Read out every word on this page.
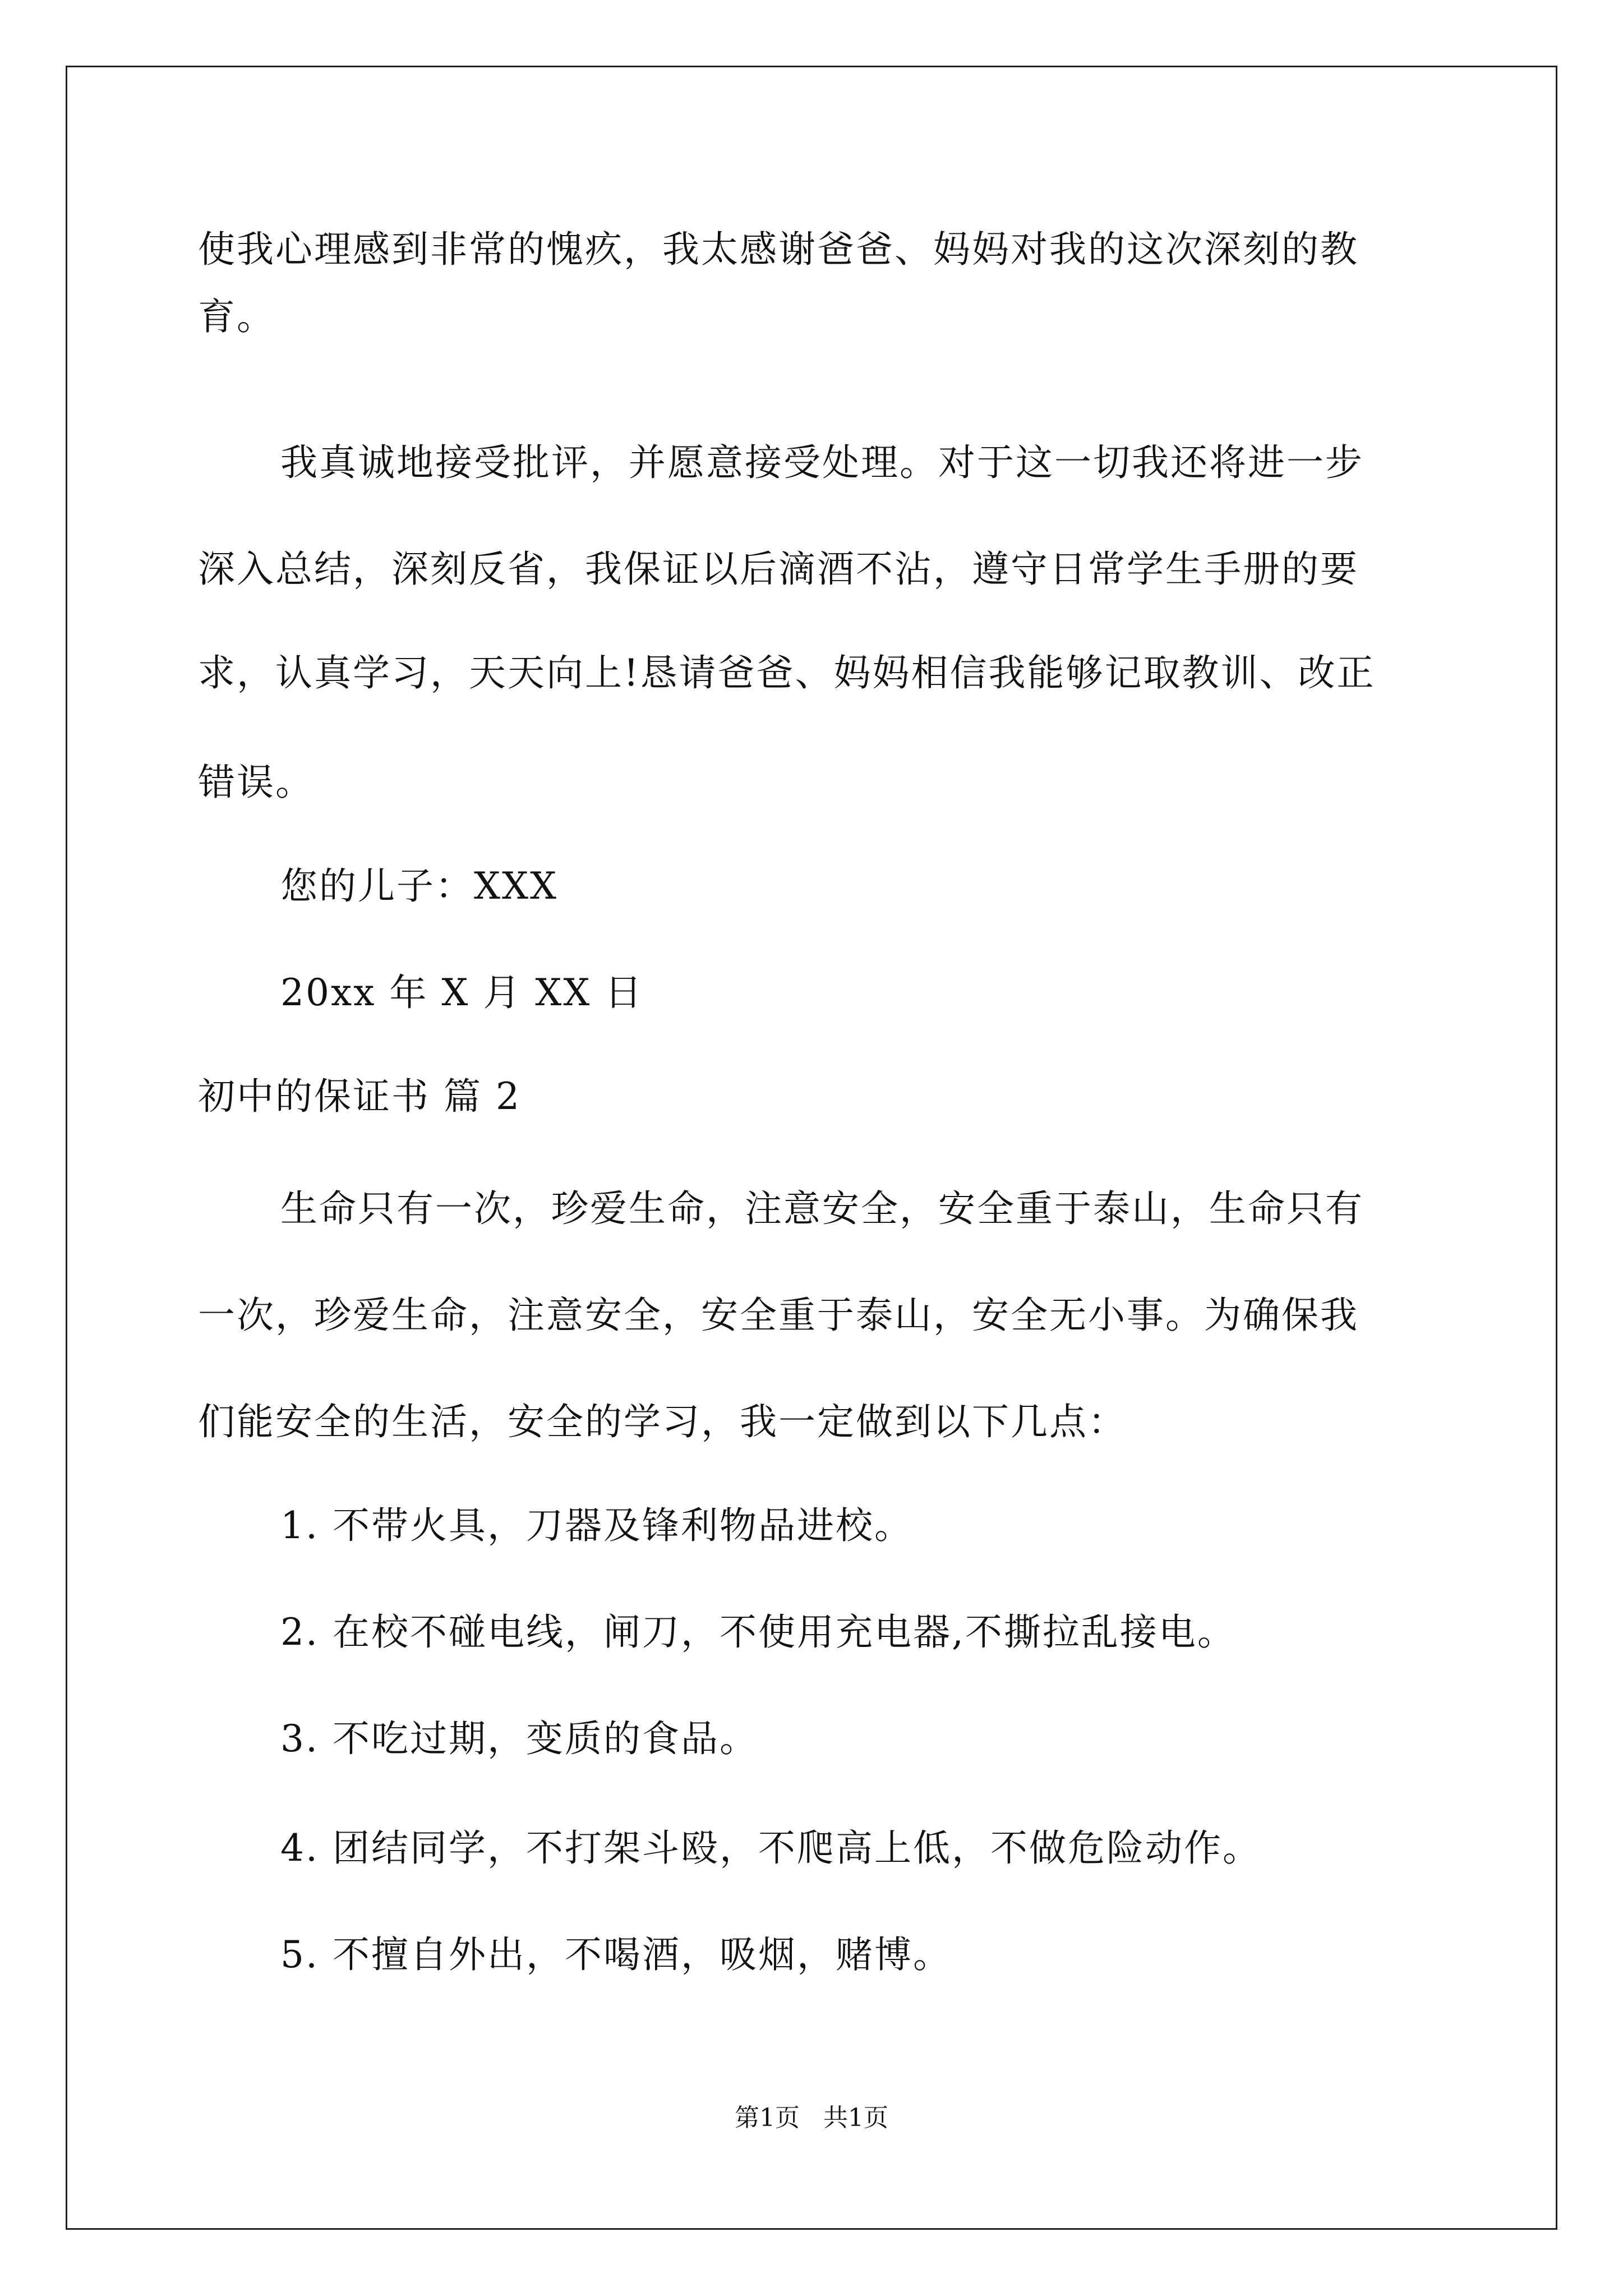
使我心理感到非常的愧疚，我太感谢爸爸、妈妈对我的这次深刻的教
育。
我真诚地接受批评，并愿意接受处理。对于这一切我还将进一步
深入总结，深刻反省，我保证以后滴酒不沾，遵守日常学生手册的要
求，认真学习，天天向上!恳请爸爸、妈妈相信我能够记取教训、改正
错误。
您的儿子：XXX
20xx 年 X 月 XX 日
初中的保证书 篇 2
生命只有一次，珍爱生命，注意安全，安全重于泰山，生命只有
一次，珍爱生命，注意安全，安全重于泰山，安全无小事。为确保我
们能安全的生活，安全的学习，我一定做到以下几点：
1. 不带火具，刀器及锋利物品进校。
2. 在校不碰电线，闸刀，不使用充电器,不撕拉乱接电。
3. 不吃过期，变质的食品。
4. 团结同学，不打架斗殴，不爬高上低，不做危险动作。
5. 不擅自外出，不喝酒，吸烟，赌博。
第1页   共1页
